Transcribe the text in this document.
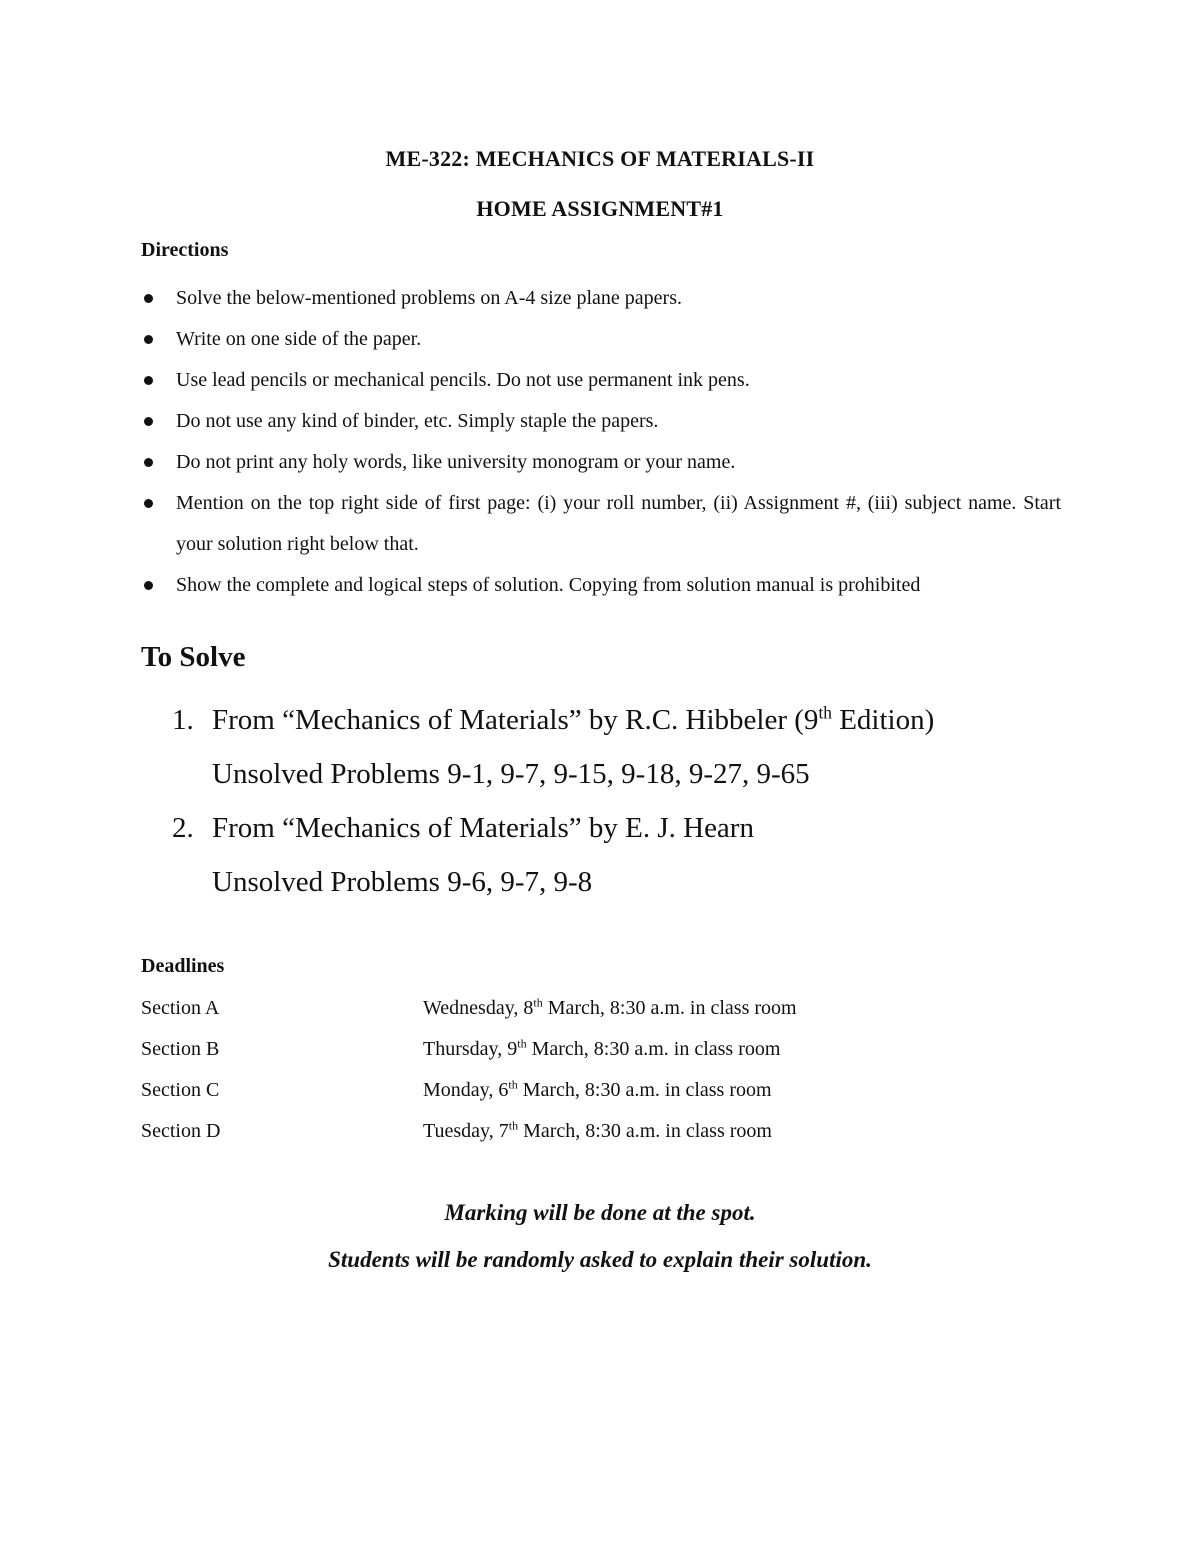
ME-322: MECHANICS OF MATERIALS-II
HOME ASSIGNMENT#1
Directions
Solve the below-mentioned problems on A-4 size plane papers.
Write on one side of the paper.
Use lead pencils or mechanical pencils. Do not use permanent ink pens.
Do not use any kind of binder, etc. Simply staple the papers.
Do not print any holy words, like university monogram or your name.
Mention on the top right side of first page: (i) your roll number, (ii) Assignment #, (iii) subject name. Start your solution right below that.
Show the complete and logical steps of solution. Copying from solution manual is prohibited
To Solve
1. From “Mechanics of Materials” by R.C. Hibbeler (9th Edition)
Unsolved Problems 9-1, 9-7, 9-15, 9-18, 9-27, 9-65
2. From “Mechanics of Materials” by E. J. Hearn
Unsolved Problems 9-6, 9-7, 9-8
Deadlines
Section A	Wednesday, 8th March, 8:30 a.m. in class room
Section B	Thursday, 9th March, 8:30 a.m. in class room
Section C	Monday, 6th March, 8:30 a.m. in class room
Section D	Tuesday, 7th March, 8:30 a.m. in class room
Marking will be done at the spot.
Students will be randomly asked to explain their solution.
